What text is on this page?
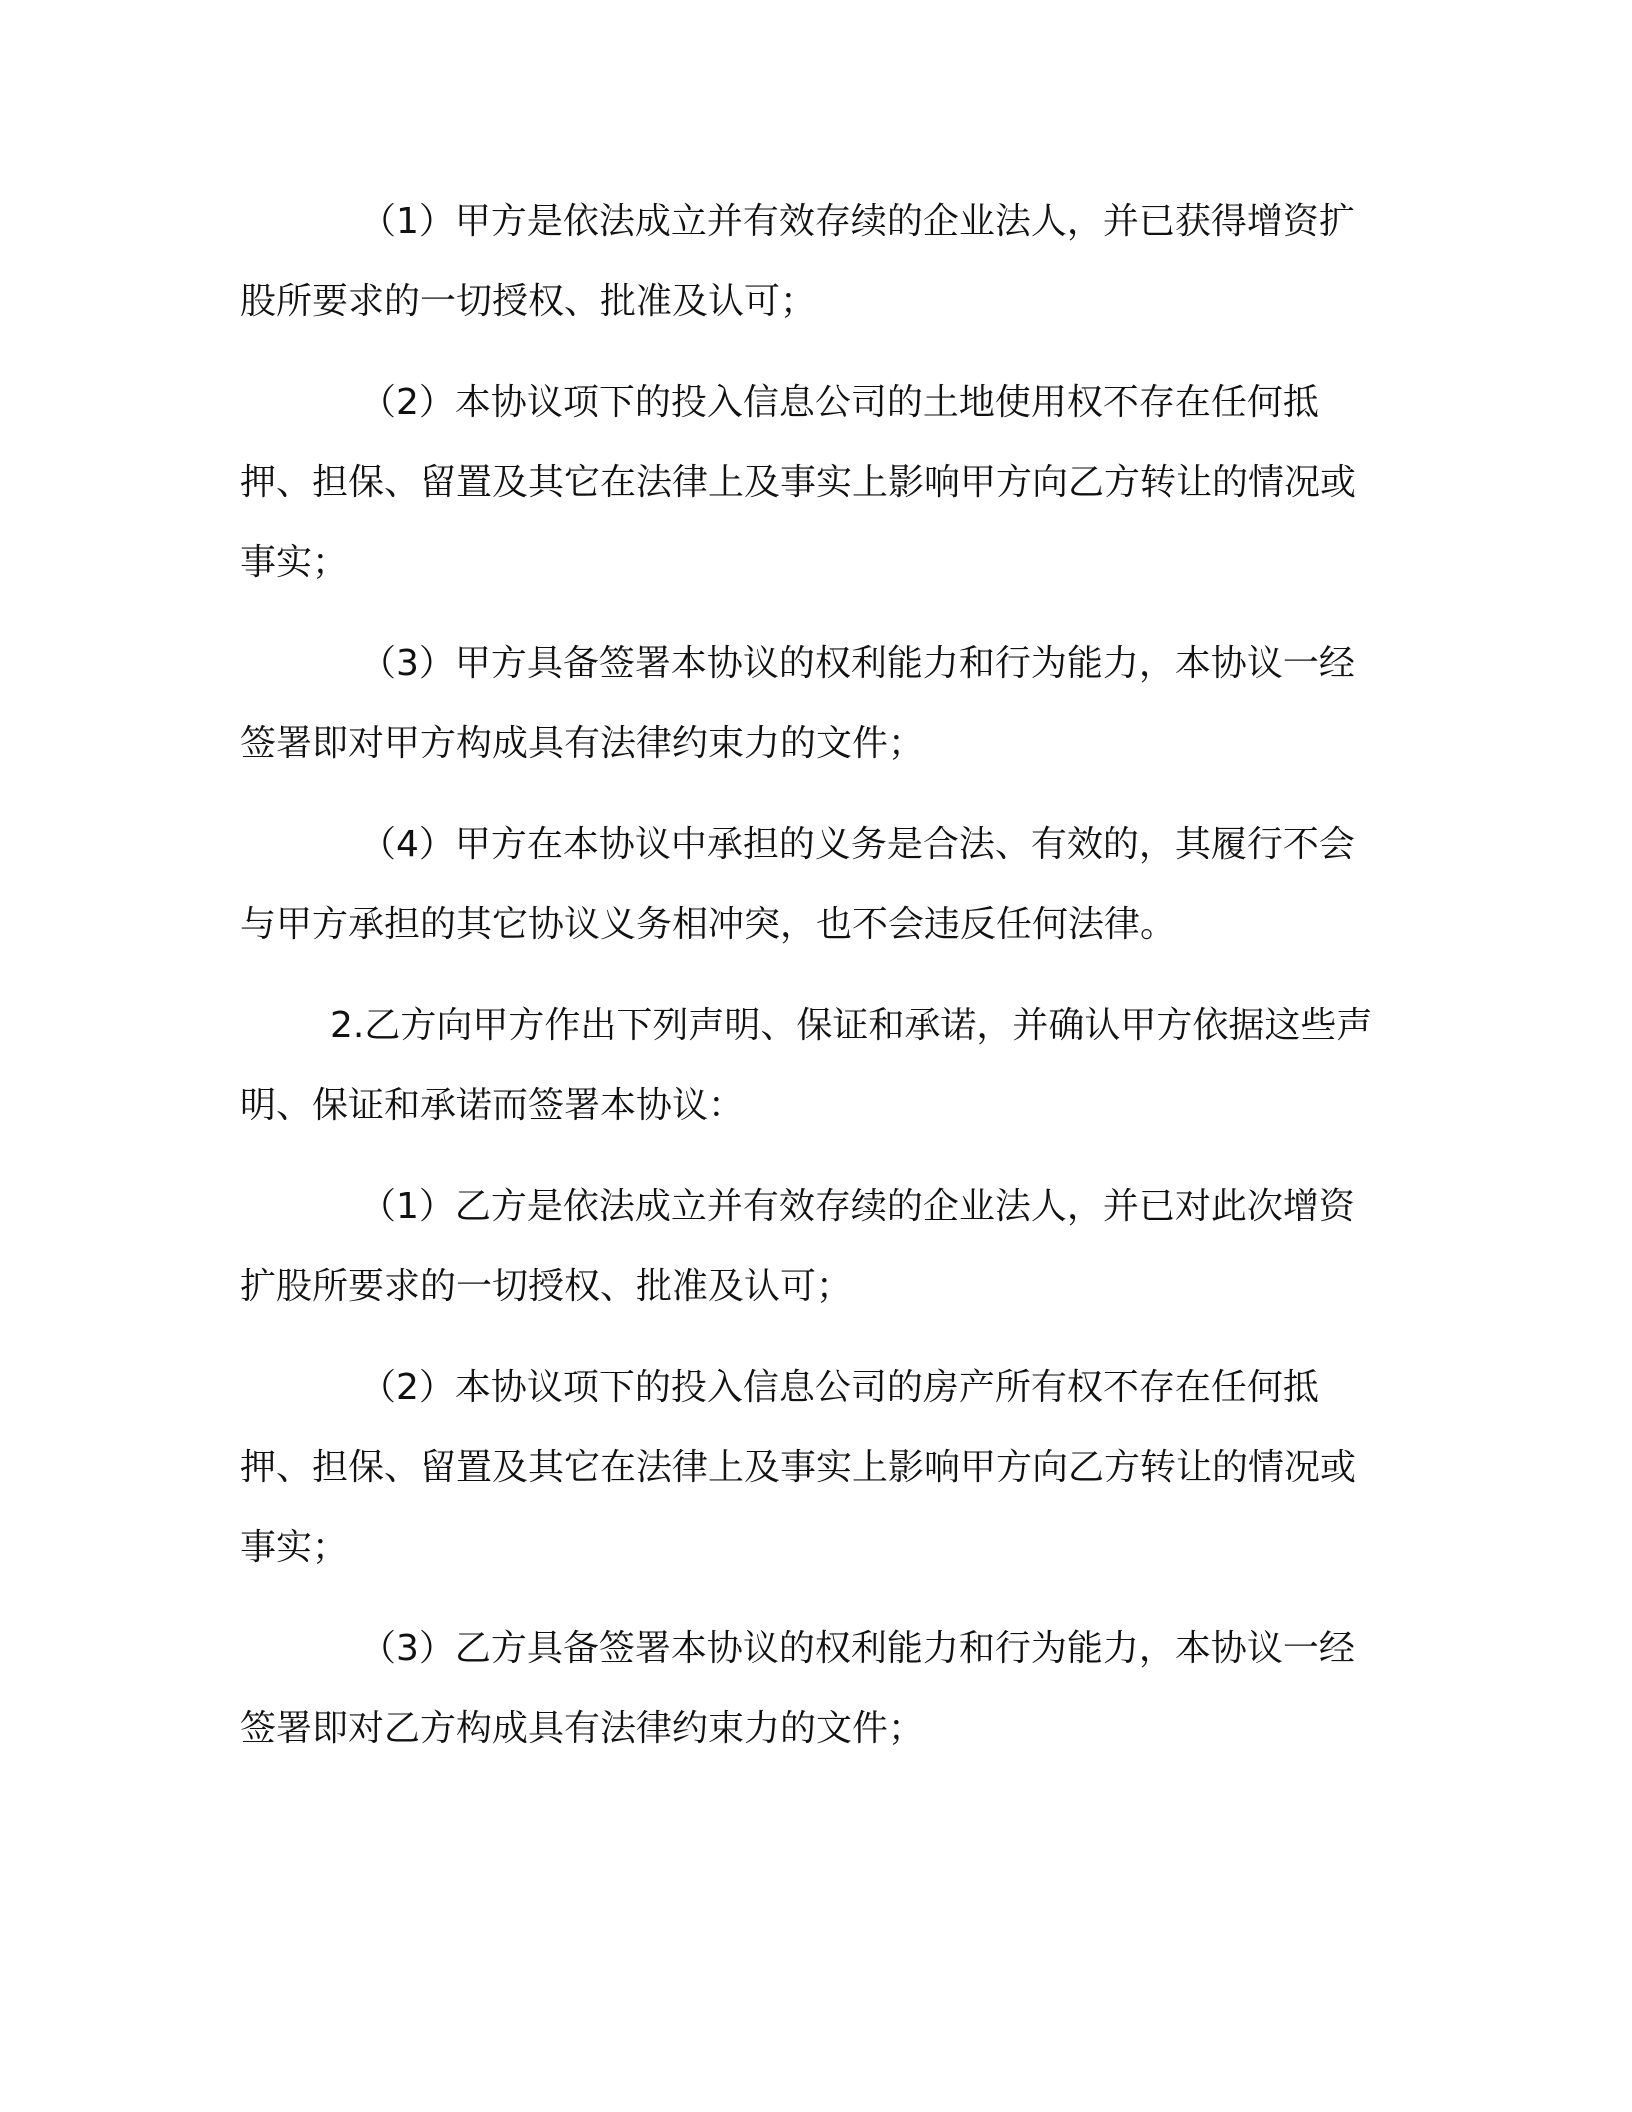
（1）甲方是依法成立并有效存续的企业法人，并已获得增资扩股所要求的一切授权、批准及认可；

（2）本协议项下的投入信息公司的土地使用权不存在任何抵押、担保、留置及其它在法律上及事实上影响甲方向乙方转让的情况或事实；

（3）甲方具备签署本协议的权利能力和行为能力，本协议一经签署即对甲方构成具有法律约束力的文件；

（4）甲方在本协议中承担的义务是合法、有效的，其履行不会与甲方承担的其它协议义务相冲突，也不会违反任何法律。

2.乙方向甲方作出下列声明、保证和承诺，并确认甲方依据这些声明、保证和承诺而签署本协议：

（1）乙方是依法成立并有效存续的企业法人，并已对此次增资扩股所要求的一切授权、批准及认可；

（2）本协议项下的投入信息公司的房产所有权不存在任何抵押、担保、留置及其它在法律上及事实上影响甲方向乙方转让的情况或事实；

（3）乙方具备签署本协议的权利能力和行为能力，本协议一经签署即对乙方构成具有法律约束力的文件；
